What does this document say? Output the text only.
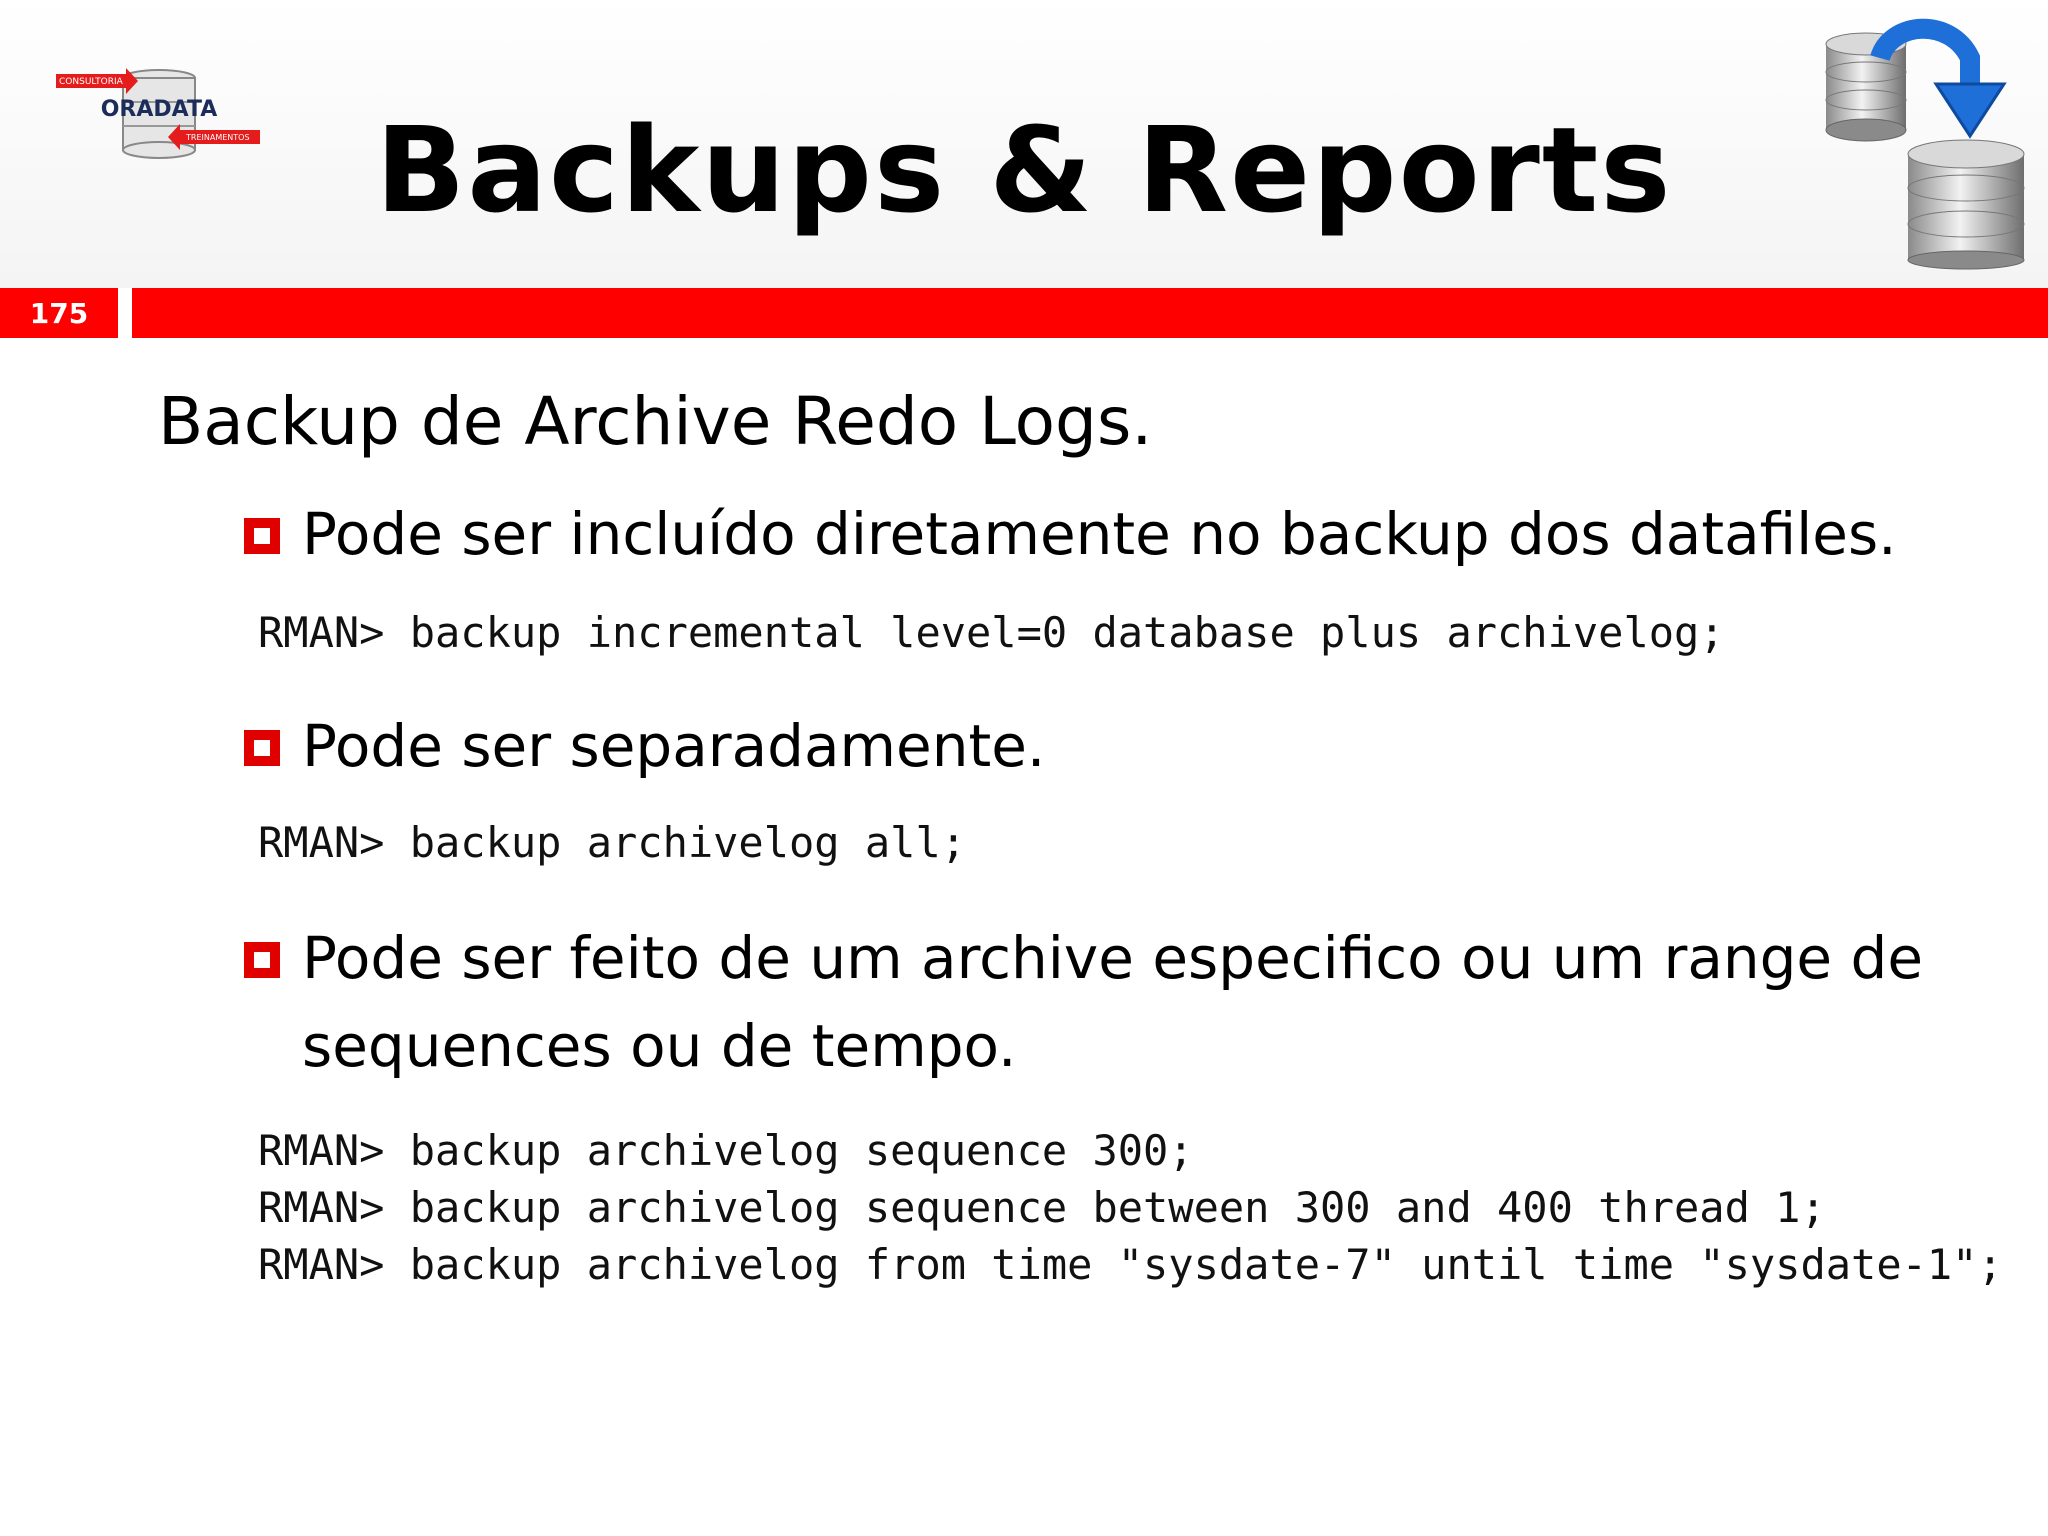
CONSULTORIA
ORADATA
TREINAMENTOS	Backups & Reports
175
Backup de Archive Redo Logs.
Pode ser incluído diretamente no backup dos datafiles.
RMAN> backup incremental level=0 database plus archivelog;
Pode ser separadamente.
RMAN> backup archivelog all;
Pode ser feito de um archive especifico ou um range de sequences ou de tempo.
RMAN> backup archivelog sequence 300;
RMAN> backup archivelog sequence between 300 and 400 thread 1;
RMAN> backup archivelog from time "sysdate-7" until time "sysdate-1";
